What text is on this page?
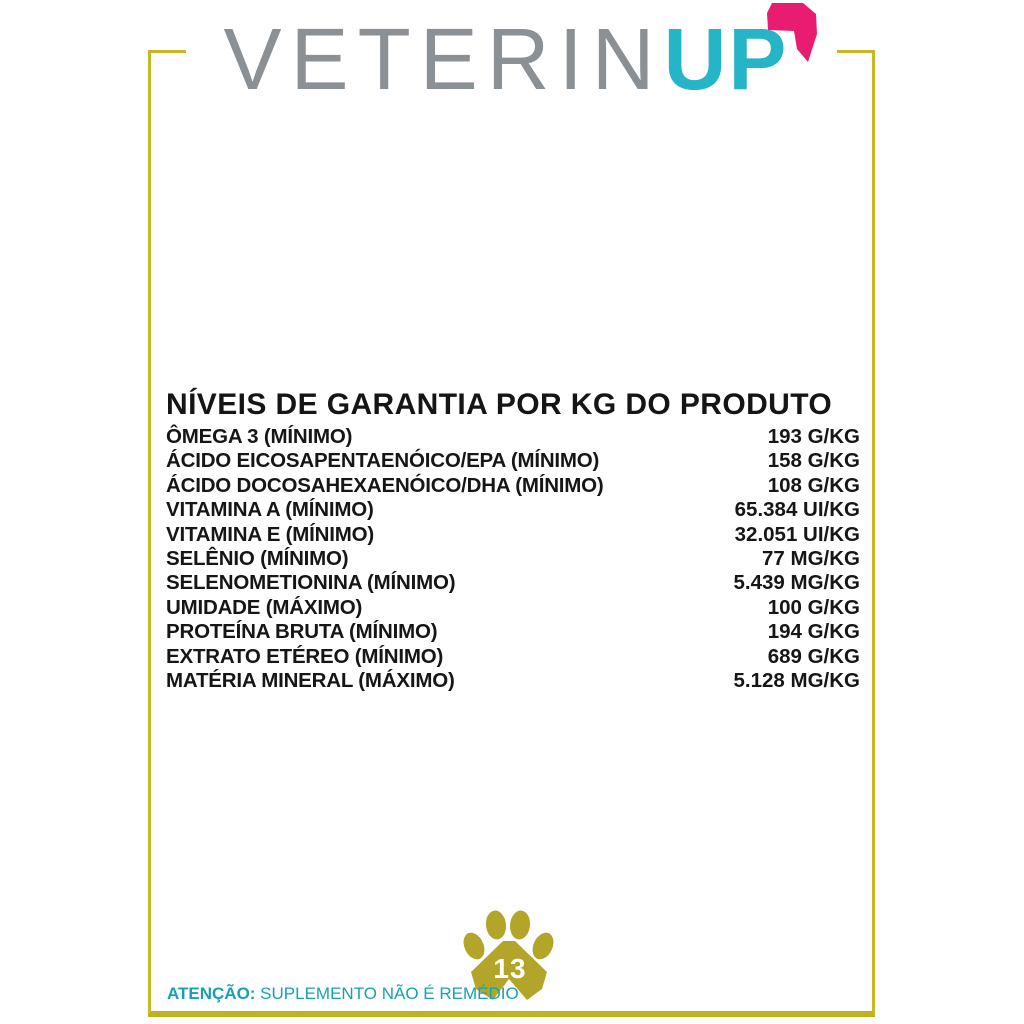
VETERINUP
NÍVEIS DE GARANTIA POR KG DO PRODUTO
ÔMEGA 3 (MÍNIMO)	193 G/KG
ÁCIDO EICOSAPENTAENÓICO/EPA (MÍNIMO)	158 G/KG
ÁCIDO DOCOSAHEXAENÓICO/DHA (MÍNIMO)	108 G/KG
VITAMINA A (MÍNIMO)	65.384 UI/KG
VITAMINA E (MÍNIMO)	32.051 UI/KG
SELÊNIO (MÍNIMO)	77 MG/KG
SELENOMETIONINA (MÍNIMO)	5.439 MG/KG
UMIDADE (MÁXIMO)	100 G/KG
PROTEÍNA BRUTA (MÍNIMO)	194 G/KG
EXTRATO ETÉREO (MÍNIMO)	689 G/KG
MATÉRIA MINERAL (MÁXIMO)	5.128 MG/KG
13

ATENÇÃO: SUPLEMENTO NÃO É REMÉDIO
